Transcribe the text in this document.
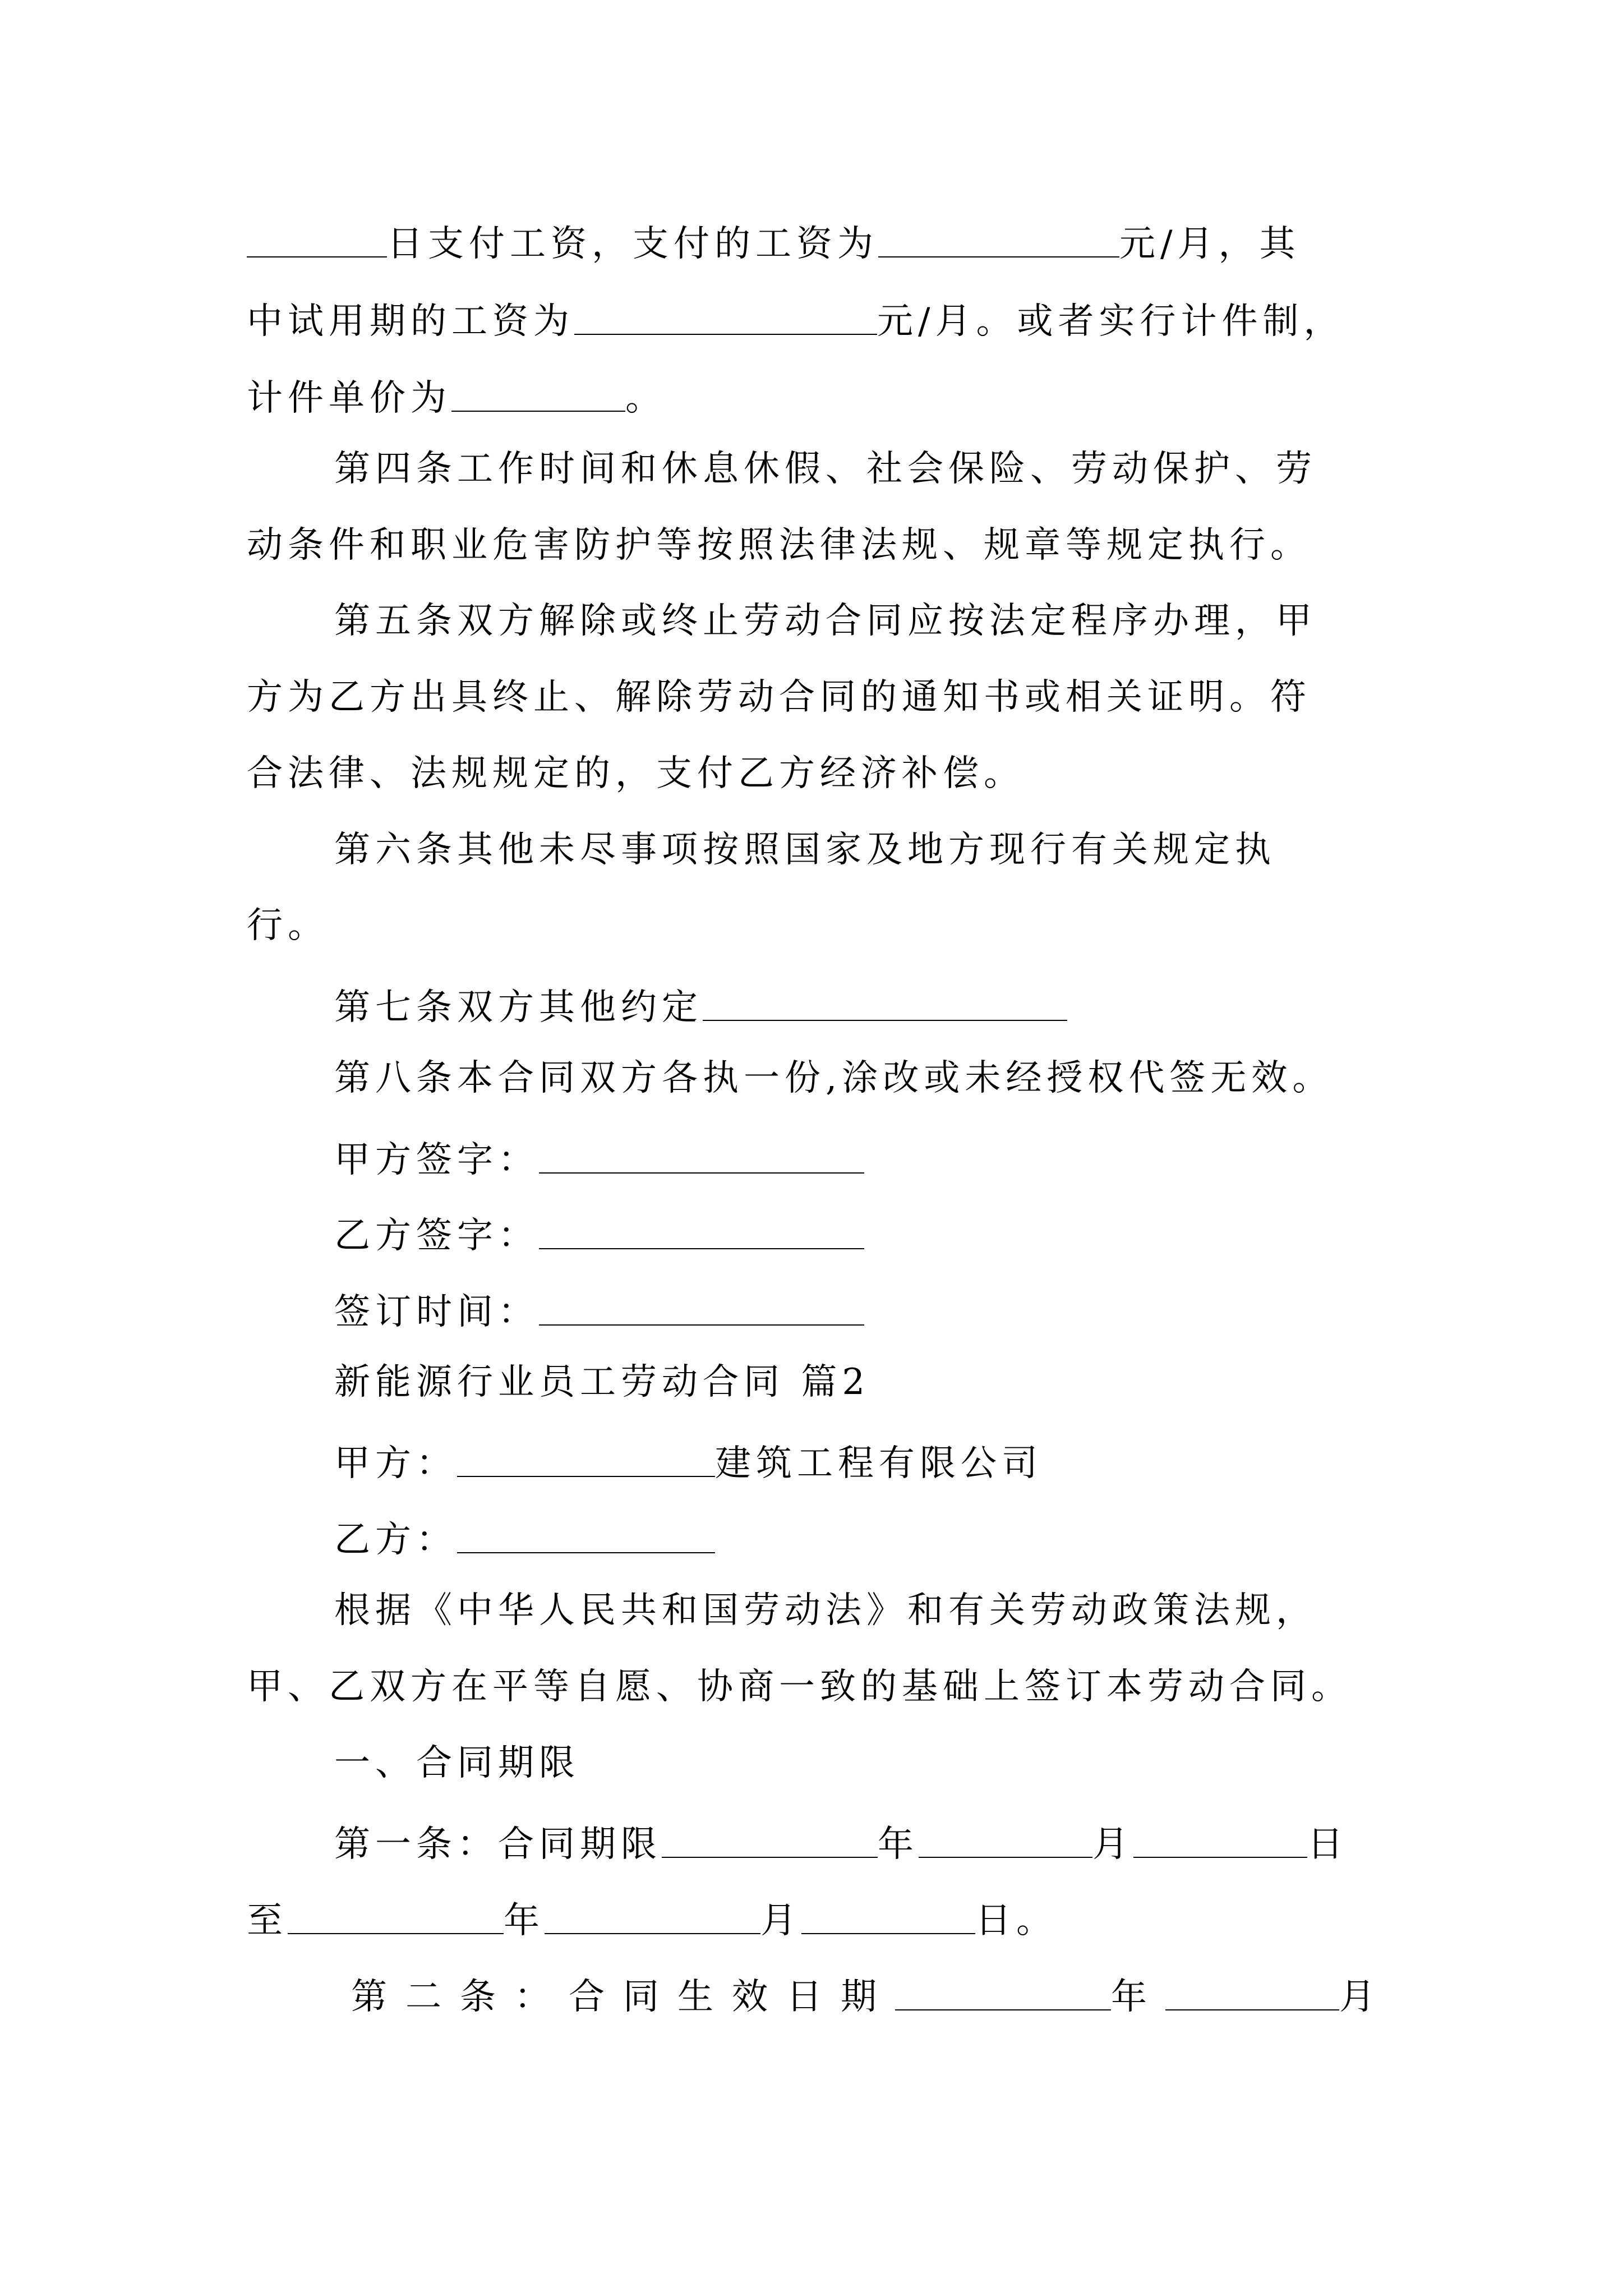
日支付工资，支付的工资为	元/月，其
中试用期的工资为	元/月。或者实行计件制，
计件单价为	。
第四条工作时间和休息休假、社会保险、劳动保护、劳
动条件和职业危害防护等按照法律法规、规章等规定执行。
第五条双方解除或终止劳动合同应按法定程序办理，甲
方为乙方出具终止、解除劳动合同的通知书或相关证明。符
合法律、法规规定的，支付乙方经济补偿。
第六条其他未尽事项按照国家及地方现行有关规定执
行。
第七条双方其他约定
第八条本合同双方各执一份,涂改或未经授权代签无效。
甲方签字：
乙方签字：
签订时间：
新能源行业员工劳动合同 篇2
甲方：	建筑工程有限公司
乙方：
根据《中华人民共和国劳动法》和有关劳动政策法规，
甲、乙双方在平等自愿、协商一致的基础上签订本劳动合同。
一、合同期限
第一条：合同期限	年	月	日
至	年	月	日。
第二条：合同生效日期	年	月
